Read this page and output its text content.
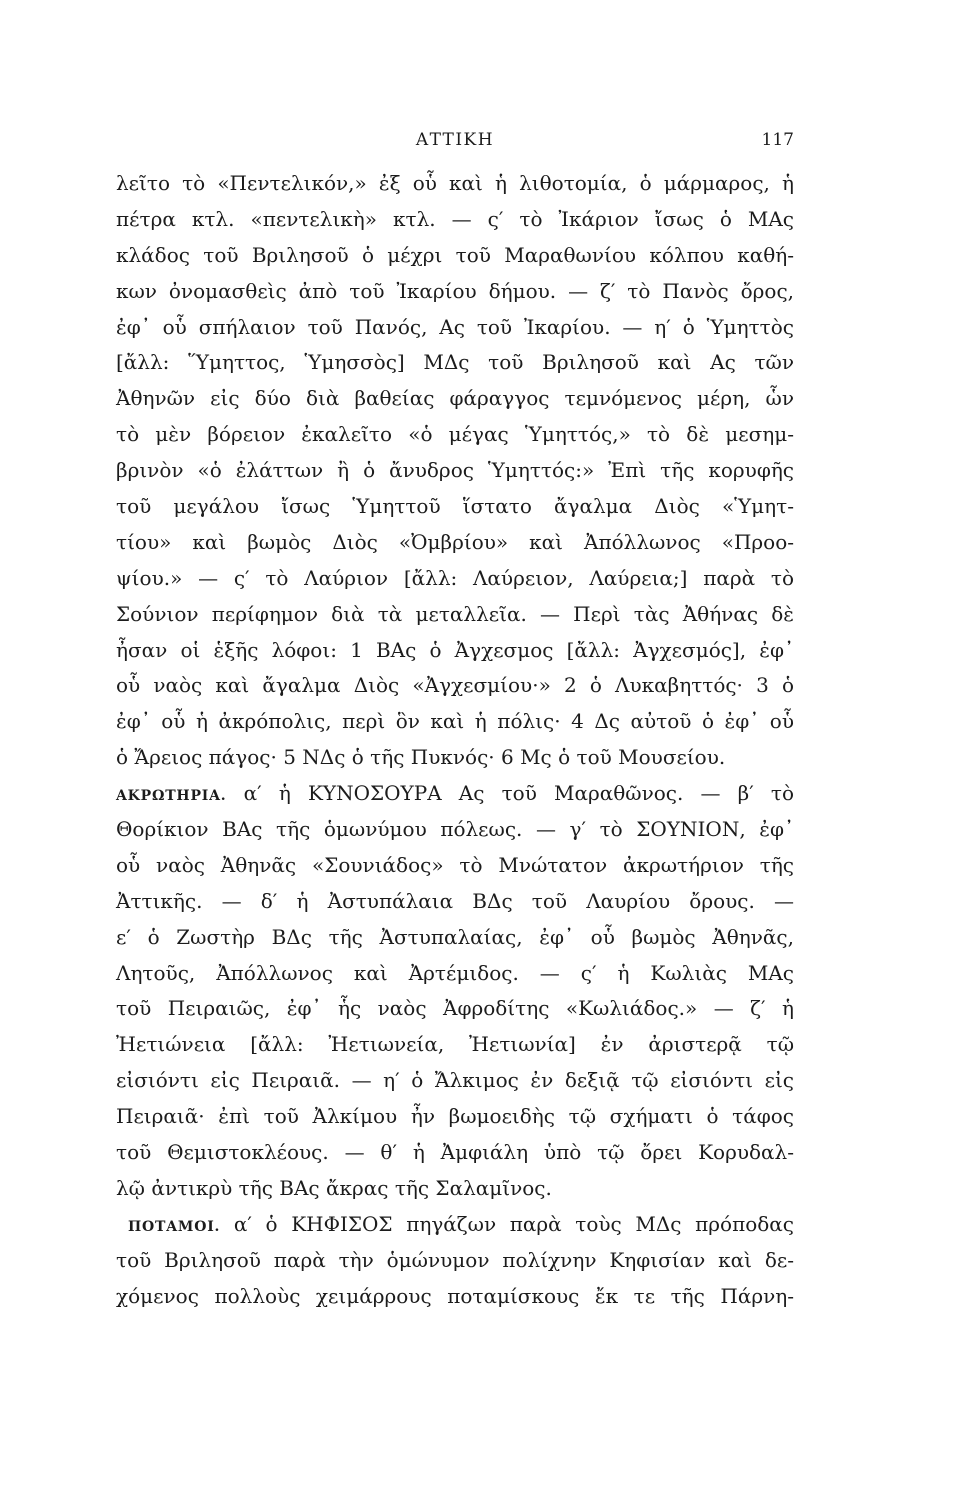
ΑΤΤΙΚΗ	117
λεῖτο τὸ «Πεντελικόν,» ἐξ οὗ καὶ ἡ λιθοτομία, ὁ μάρμαρος, ἡ
πέτρα κτλ. «πεντελικὴ» κτλ. — ς′ τὸ Ἰκάριον ἴσως ὁ ΜΑς
κλάδος τοῦ Βριλησοῦ ὁ μέχρι τοῦ Μαραθωνίου κόλπου καθή-
κων ὀνομασθεὶς ἀπὸ τοῦ Ἰκαρίου δήμου. — ζ′ τὸ Πανὸς ὄρος,
ἐφ᾽ οὗ σπήλαιον τοῦ Πανός, Ας τοῦ Ἰκαρίου. — η′ ὁ Ὑμηττὸς
[ἄλλ: Ὕμηττος, Ὑμησσὸς] ΜΔς τοῦ Βριλησοῦ καὶ Ας τῶν
Ἀθηνῶν εἰς δύο διὰ βαθείας φάραγγος τεμνόμενος μέρη, ὧν
τὸ μὲν βόρειον ἐκαλεῖτο «ὁ μέγας Ὑμηττός,» τὸ δὲ μεσημ-
βρινὸν «ὁ ἐλάττων ἢ ὁ ἄνυδρος Ὑμηττός:» Ἐπὶ τῆς κορυφῆς
τοῦ μεγάλου ἴσως Ὑμηττοῦ ἵστατο ἄγαλμα Διὸς «Ὑμητ-
τίου» καὶ βωμὸς Διὸς «Ὀμβρίου» καὶ Ἀπόλλωνος «Προο-
ψίου.» — ς′ τὸ Λαύριον [ἄλλ: Λαύρειον, Λαύρεια;] παρὰ τὸ
Σούνιον περίφημον διὰ τὰ μεταλλεῖα. — Περὶ τὰς Ἀθήνας δὲ
ἦσαν οἱ ἑξῆς λόφοι: 1 ΒΑς ὁ Ἀγχεσμος [ἄλλ: Ἀγχεσμός], ἐφ᾽
οὗ ναὸς καὶ ἄγαλμα Διὸς «Ἀγχεσμίου·» 2 ὁ Λυκαβηττός· 3 ὁ
ἐφ᾽ οὗ ἡ ἀκρόπολις, περὶ ὃν καὶ ἡ πόλις· 4 Δς αὐτοῦ ὁ ἐφ᾽ οὗ
ὁ Ἄρειος πάγος· 5 ΝΔς ὁ τῆς Πυκνός· 6 Μς ὁ τοῦ Μουσείου.
ΑΚΡΩΤΗΡΙΑ. α′ ἡ ΚΥΝΟΣΟΥΡΑ Ας τοῦ Μαραθῶνος. — β′ τὸ
Θορίκιον ΒΑς τῆς ὁμωνύμου πόλεως. — γ′ τὸ ΣΟΥΝΙΟΝ, ἐφ᾽
οὗ ναὸς Ἀθηνᾶς «Σουνιάδος» τὸ Μνώτατον ἀκρωτήριον τῆς
Ἀττικῆς. — δ′ ἡ Ἀστυπάλαια ΒΔς τοῦ Λαυρίου ὄρους. —
ε′ ὁ Ζωστὴρ ΒΔς τῆς Ἀστυπαλαίας, ἐφ᾽ οὗ βωμὸς Ἀθηνᾶς,
Λητοῦς, Ἀπόλλωνος καὶ Ἀρτέμιδος. — ς′ ἡ Κωλιὰς ΜΑς
τοῦ Πειραιῶς, ἐφ᾽ ἧς ναὸς Ἀφροδίτης «Κωλιάδος.» — ζ′ ἡ
Ἠετιώνεια [ἄλλ: Ἠετιωνεία, Ἠετιωνία] ἐν ἀριστερᾷ τῷ
εἰσιόντι εἰς Πειραιᾶ. — η′ ὁ Ἄλκιμος ἐν δεξιᾷ τῷ εἰσιόντι εἰς
Πειραιᾶ· ἐπὶ τοῦ Ἀλκίμου ἦν βωμοειδὴς τῷ σχήματι ὁ τάφος
τοῦ Θεμιστοκλέους. — θ′ ἡ Ἀμφιάλη ὑπὸ τῷ ὄρει Κορυδαλ-
λῷ ἀντικρὺ τῆς ΒΑς ἄκρας τῆς Σαλαμῖνος.
ΠΟΤΑΜΟΙ. α′ ὁ ΚΗΦΙΣΟΣ πηγάζων παρὰ τοὺς ΜΔς πρόποδας
τοῦ Βριλησοῦ παρὰ τὴν ὁμώνυμον πολίχνην Κηφισίαν καὶ δε-
χόμενος πολλοὺς χειμάρρους ποταμίσκους ἔκ τε τῆς Πάρνη-
